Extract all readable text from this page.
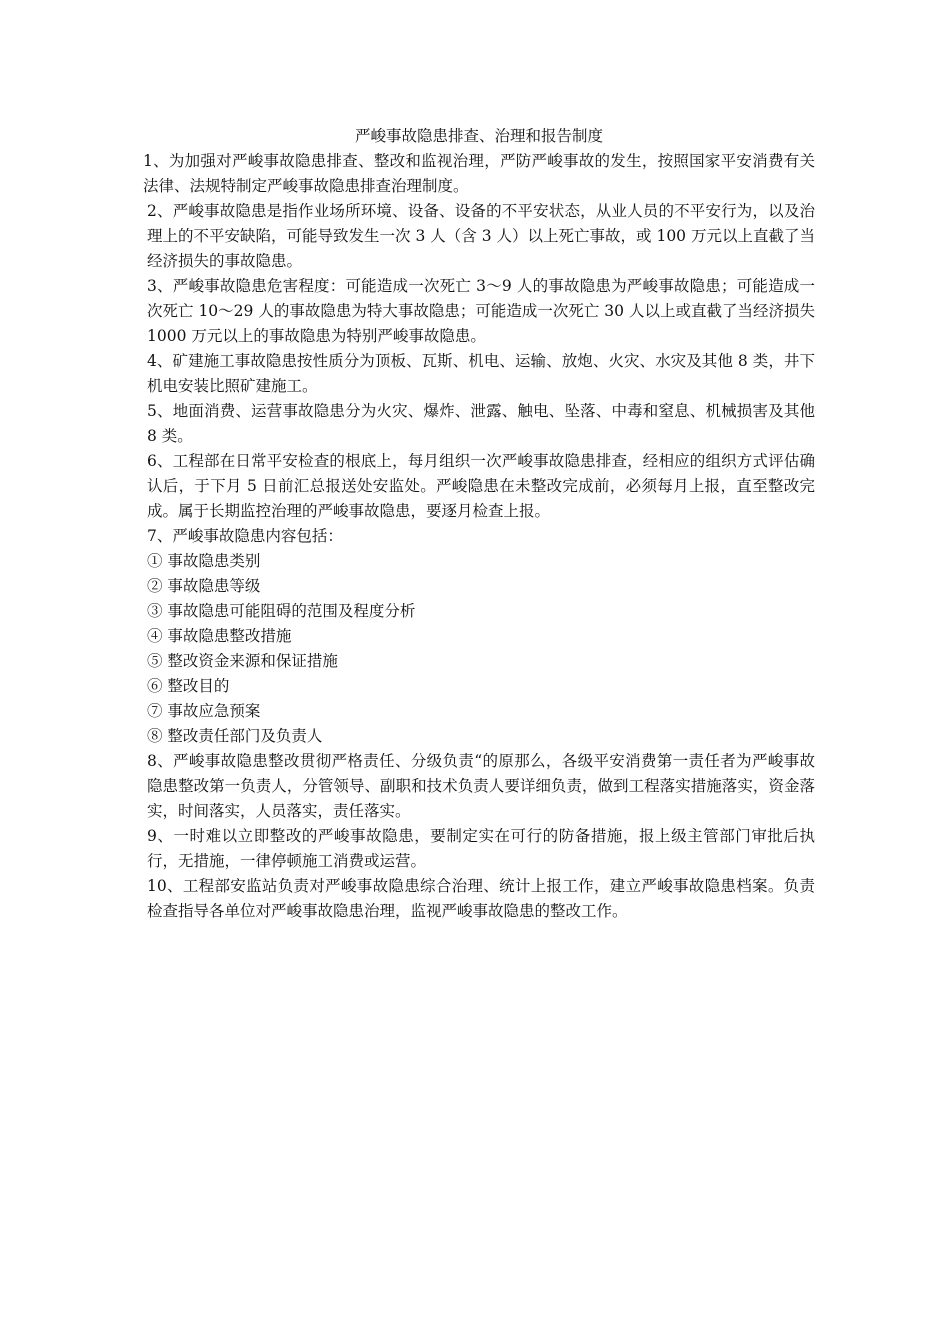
严峻事故隐患排查、治理和报告制度

1、为加强对严峻事故隐患排查、整改和监视治理，严防严峻事故的发生，按照国家平安消费有关法律、法规特制定严峻事故隐患排查治理制度。

2、严峻事故隐患是指作业场所环境、设备、设备的不平安状态，从业人员的不平安行为，以及治理上的不平安缺陷，可能导致发生一次 3 人（含 3 人）以上死亡事故，或 100 万元以上直截了当经济损失的事故隐患。

3、严峻事故隐患危害程度：可能造成一次死亡 3～9 人的事故隐患为严峻事故隐患；可能造成一次死亡 10～29 人的事故隐患为特大事故隐患；可能造成一次死亡 30 人以上或直截了当经济损失 1000 万元以上的事故隐患为特别严峻事故隐患。

4、矿建施工事故隐患按性质分为顶板、瓦斯、机电、运输、放炮、火灾、水灾及其他 8 类，井下机电安装比照矿建施工。

5、地面消费、运营事故隐患分为火灾、爆炸、泄露、触电、坠落、中毒和窒息、机械损害及其他 8 类。

6、工程部在日常平安检查的根底上，每月组织一次严峻事故隐患排查，经相应的组织方式评估确认后，于下月 5 日前汇总报送处安监处。严峻隐患在未整改完成前，必须每月上报，直至整改完成。属于长期监控治理的严峻事故隐患，要逐月检查上报。

7、严峻事故隐患内容包括：

① 事故隐患类别

② 事故隐患等级

③ 事故隐患可能阻碍的范围及程度分析

④ 事故隐患整改措施

⑤ 整改资金来源和保证措施

⑥ 整改目的

⑦ 事故应急预案

⑧ 整改责任部门及负责人

8、严峻事故隐患整改贯彻严格责任、分级负责“的原那么，各级平安消费第一责任者为严峻事故隐患整改第一负责人，分管领导、副职和技术负责人要详细负责，做到工程落实措施落实，资金落实，时间落实，人员落实，责任落实。

9、一时难以立即整改的严峻事故隐患，要制定实在可行的防备措施，报上级主管部门审批后执行，无措施，一律停顿施工消费或运营。

10、工程部安监站负责对严峻事故隐患综合治理、统计上报工作，建立严峻事故隐患档案。负责检查指导各单位对严峻事故隐患治理，监视严峻事故隐患的整改工作。
